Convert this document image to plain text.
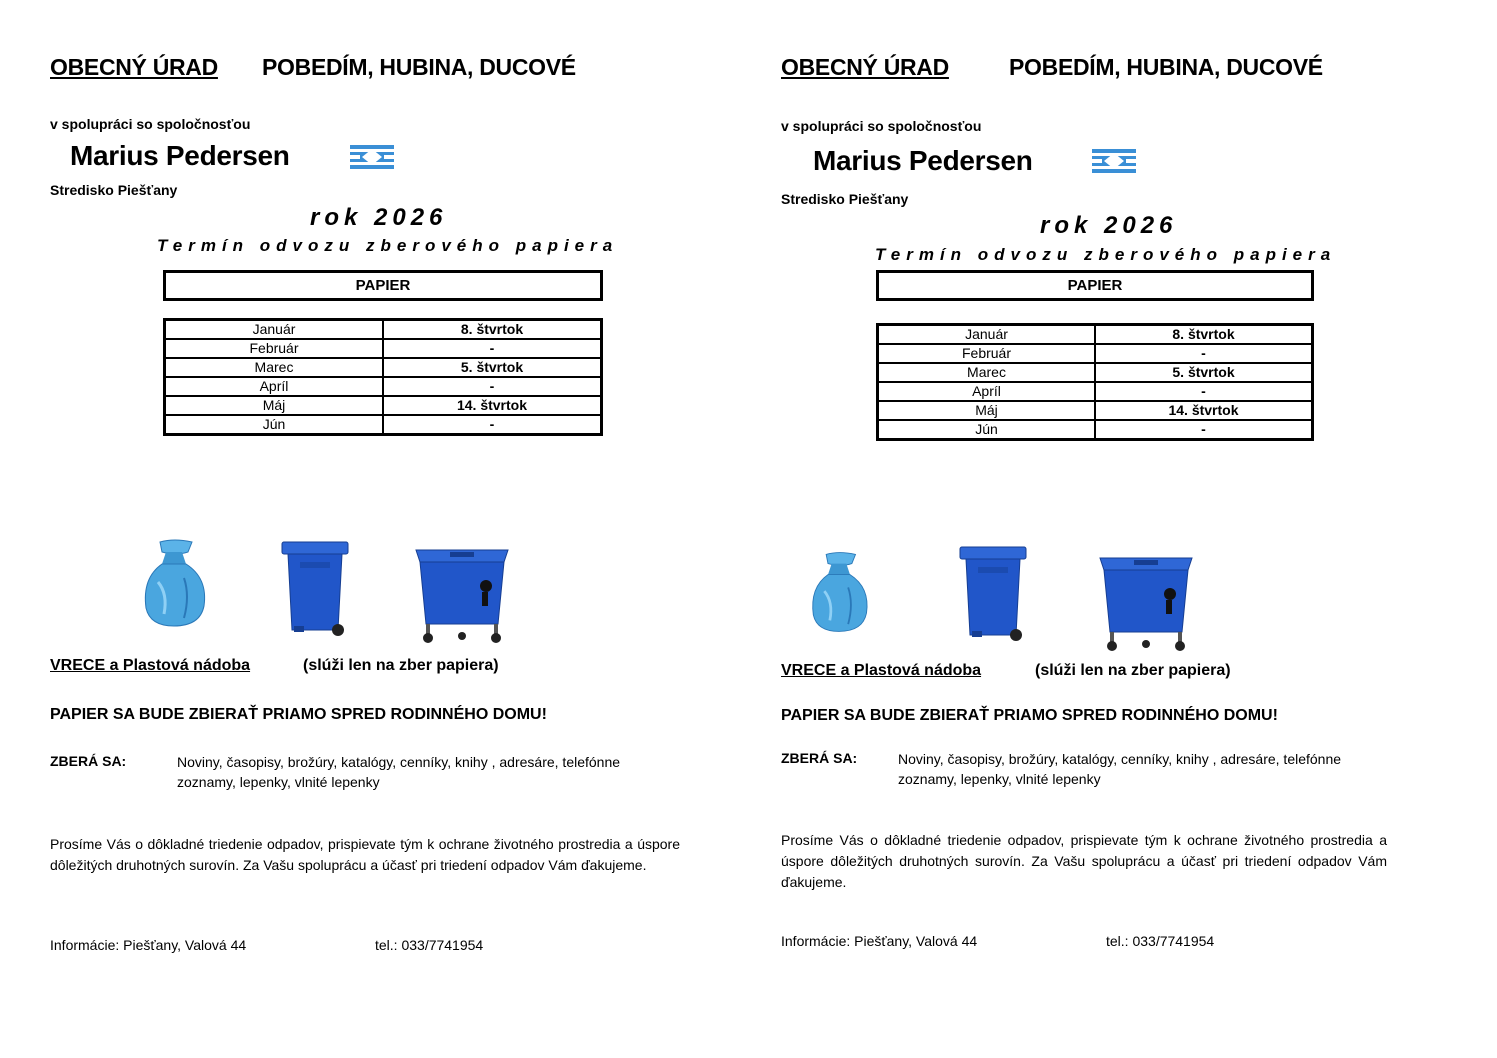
OBECNÝ ÚRAD POBEDÍM, HUBINA, DUCOVÉ
v spolupráci so spoločnosťou
Marius Pedersen
Stredisko Piešťany
rok 2026
Termín odvozu zberového papiera
PAPIER
Január	8. štvrtok
Február	-
Marec	5. štvrtok
Apríl	-
Máj	14. štvrtok
Jún	-
VRECE a Plastová nádoba	(slúži len na zber papiera)
PAPIER SA BUDE ZBIERAŤ PRIAMO SPRED RODINNÉHO DOMU!
ZBERÁ SA:	Noviny, časopisy, brožúry, katalógy, cenníky, knihy , adresáre, telefónne zoznamy, lepenky, vlnité lepenky
Prosíme Vás o dôkladné triedenie odpadov, prispievate tým k ochrane životného prostredia a úspore dôležitých druhotných surovín. Za Vašu spoluprácu a účasť pri triedení odpadov Vám ďakujeme.
Informácie: Piešťany, Valová 44	tel.: 033/7741954
OBECNÝ ÚRAD	POBEDÍM, HUBINA, DUCOVÉ
v spolupráci so spoločnosťou
Marius Pedersen
Stredisko Piešťany
rok 2026
Termín odvozu zberového papiera
PAPIER
Január	8. štvrtok
Február	-
Marec	5. štvrtok
Apríl	-
Máj	14. štvrtok
Jún	-
VRECE a Plastová nádoba	(slúži len na zber papiera)
PAPIER SA BUDE ZBIERAŤ PRIAMO SPRED RODINNÉHO DOMU!
ZBERÁ SA:	Noviny, časopisy, brožúry, katalógy, cenníky, knihy , adresáre, telefónne zoznamy, lepenky, vlnité lepenky
Prosíme Vás o dôkladné triedenie odpadov, prispievate tým k ochrane životného prostredia a úspore dôležitých druhotných surovín. Za Vašu spoluprácu a účasť pri triedení odpadov Vám ďakujeme.
Informácie: Piešťany, Valová 44	tel.: 033/7741954
